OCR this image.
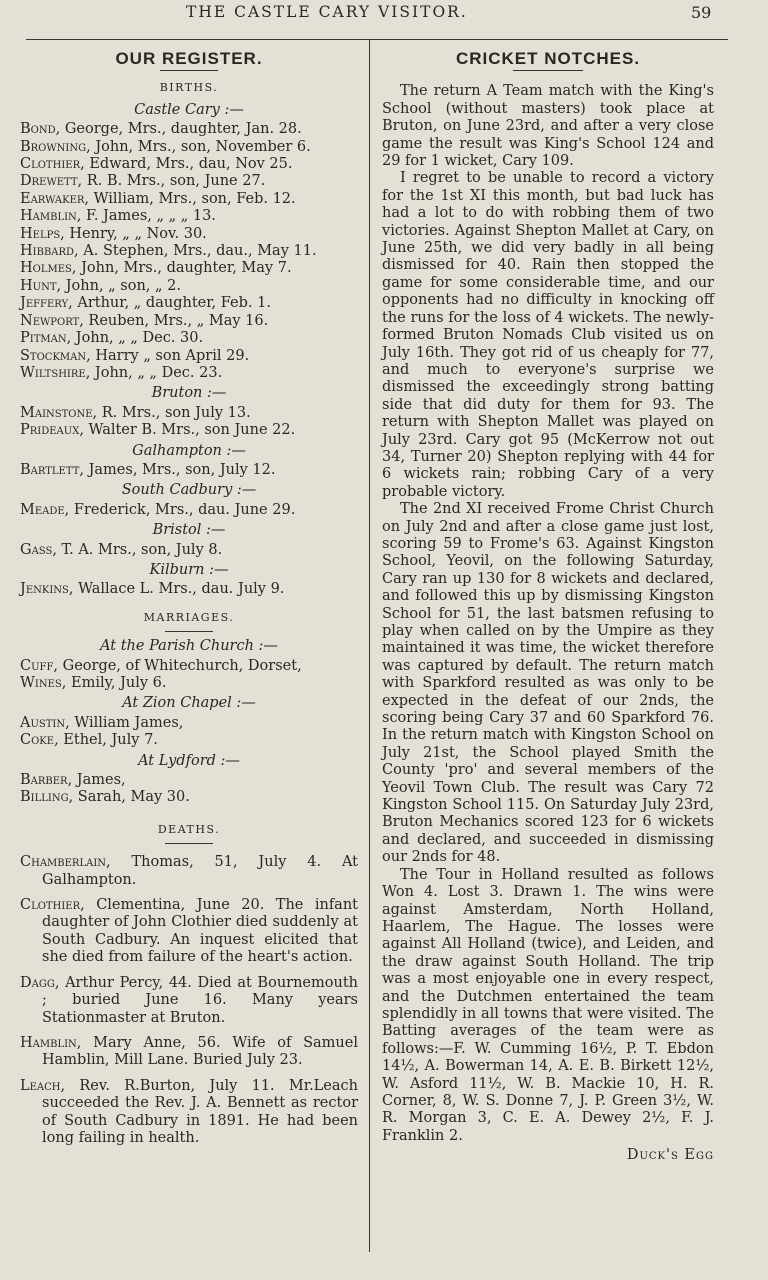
THE CASTLE CARY VISITOR.	59
OUR REGISTER.
BIRTHS.
Castle Cary :—
Bond, George, Mrs., daughter, Jan. 28.
Browning, John, Mrs., son, November 6.
Clothier, Edward, Mrs., dau, Nov 25.
Drewett, R. B. Mrs., son, June 27.
Earwaker, William, Mrs., son, Feb. 12.
Hamblin, F. James, „ „ „ 13.
Helps, Henry, „ „ Nov. 30.
Hibbard, A. Stephen, Mrs., dau., May 11.
Holmes, John, Mrs., daughter, May 7.
Hunt, John, „ son, „ 2.
Jeffery, Arthur, „ daughter, Feb. 1.
Newport, Reuben, Mrs., „ May 16.
Pitman, John, „ „ Dec. 30.
Stockman, Harry „ son April 29.
Wiltshire, John, „ „ Dec. 23.
Bruton :—
Mainstone, R. Mrs., son July 13.
Prideaux, Walter B. Mrs., son June 22.
Galhampton :—
Bartlett, James, Mrs., son, July 12.
South Cadbury :—
Meade, Frederick, Mrs., dau. June 29.
Bristol :—
Gass, T. A. Mrs., son, July 8.
Kilburn :—
Jenkins, Wallace L. Mrs., dau. July 9.
MARRIAGES.
At the Parish Church :—
Cuff, George, of Whitechurch, Dorset,
Wines, Emily, July 6.
At Zion Chapel :—
Austin, William James,
Coke, Ethel, July 7.
At Lydford :—
Barber, James,
Billing, Sarah, May 30.
DEATHS.
Chamberlain, Thomas, 51, July 4. At Galhampton.
Clothier, Clementina, June 20. The infant daughter of John Clothier died suddenly at South Cadbury. An inquest elicited that she died from failure of the heart's action.
Dagg, Arthur Percy, 44. Died at Bournemouth ; buried June 16. Many years Stationmaster at Bruton.
Hamblin, Mary Anne, 56. Wife of Samuel Hamblin, Mill Lane. Buried July 23.
Leach, Rev. R.Burton, July 11. Mr.Leach succeeded the Rev. J. A. Bennett as rector of South Cadbury in 1891. He had been long failing in health.
CRICKET NOTCHES.

The return A Team match with the King's School (without masters) took place at Bruton, on June 23rd, and after a very close game the result was King's School 124 and 29 for 1 wicket, Cary 109.

I regret to be unable to record a victory for the 1st XI this month, but bad luck has had a lot to do with robbing them of two victories. Against Shepton Mallet at Cary, on June 25th, we did very badly in all being dismissed for 40. Rain then stopped the game for some considerable time, and our opponents had no difficulty in knocking off the runs for the loss of 4 wickets. The newly-formed Bruton Nomads Club visited us on July 16th. They got rid of us cheaply for 77, and much to everyone's surprise we dismissed the exceedingly strong batting side that did duty for them for 93. The return with Shepton Mallet was played on July 23rd. Cary got 95 (McKerrow not out 34, Turner 20) Shepton replying with 44 for 6 wickets rain; robbing Cary of a very probable victory.

The 2nd XI received Frome Christ Church on July 2nd and after a close game just lost, scoring 59 to Frome's 63. Against Kingston School, Yeovil, on the following Saturday, Cary ran up 130 for 8 wickets and declared, and followed this up by dismissing Kingston School for 51, the last batsmen refusing to play when called on by the Umpire as they maintained it was time, the wicket therefore was captured by default. The return match with Sparkford resulted as was only to be expected in the defeat of our 2nds, the scoring being Cary 37 and 60 Sparkford 76. In the return match with Kingston School on July 21st, the School played Smith the County 'pro' and several members of the Yeovil Town Club. The result was Cary 72 Kingston School 115. On Saturday July 23rd, Bruton Mechanics scored 123 for 6 wickets and declared, and succeeded in dismissing our 2nds for 48.

The Tour in Holland resulted as follows Won 4. Lost 3. Drawn 1. The wins were against Amsterdam, North Holland, Haarlem, The Hague. The losses were against All Holland (twice), and Leiden, and the draw against South Holland. The trip was a most enjoyable one in every respect, and the Dutchmen entertained the team splendidly in all towns that were visited. The Batting averages of the team were as follows:—F. W. Cumming 16½, P. T. Ebdon 14½, A. Bowerman 14, A. E. B. Birkett 12½, W. Asford 11½, W. B. Mackie 10, H. R. Corner, 8, W. S. Donne 7, J. P. Green 3½, W. R. Morgan 3, C. E. A. Dewey 2½, F. J. Franklin 2.

Duck's Egg
